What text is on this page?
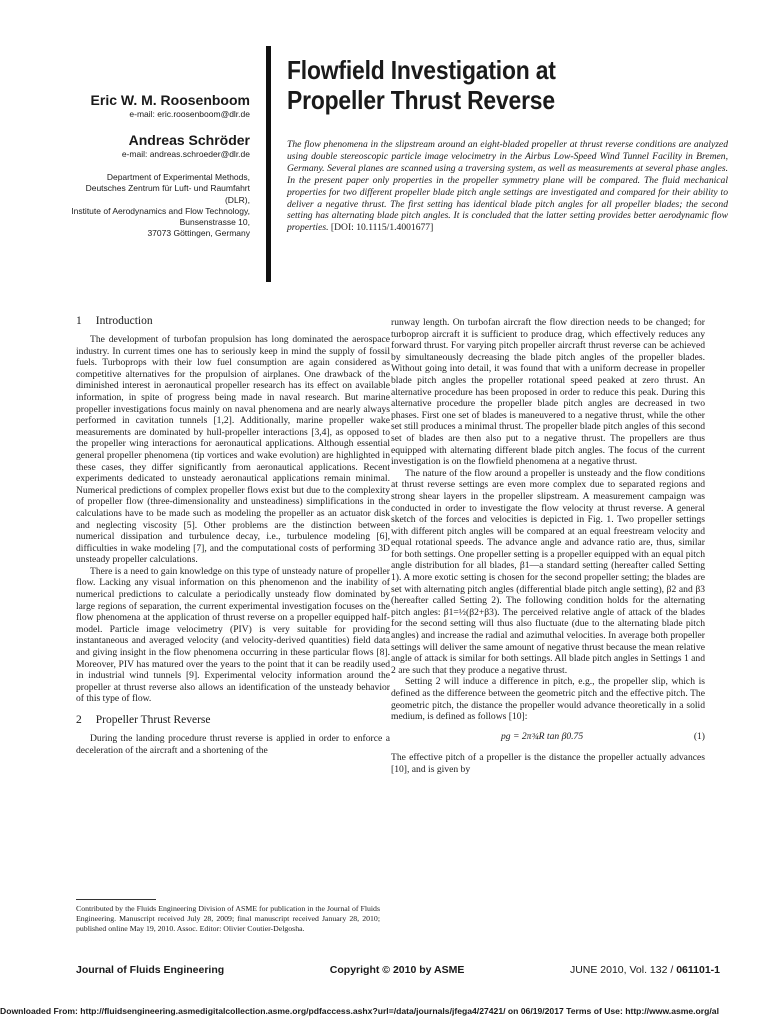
Eric W. M. Roosenboom
e-mail: eric.roosenboom@dlr.de
Andreas Schröder
e-mail: andreas.schroeder@dlr.de
Department of Experimental Methods,
Deutsches Zentrum für Luft- und Raumfahrt
(DLR),
Institute of Aerodynamics and Flow Technology,
Bunsenstrasse 10,
37073 Göttingen, Germany
Flowfield Investigation at
Propeller Thrust Reverse
The flow phenomena in the slipstream around an eight-bladed propeller at thrust reverse conditions are analyzed using double stereoscopic particle image velocimetry in the Airbus Low-Speed Wind Tunnel Facility in Bremen, Germany. Several planes are scanned using a traversing system, as well as measurements at several phase angles. In the present paper only properties in the propeller symmetry plane will be compared. The fluid mechanical properties for two different propeller blade pitch angle settings are investigated and compared for their ability to deliver a negative thrust. The first setting has identical blade pitch angles for all propeller blades; the second setting has alternating blade pitch angles. It is concluded that the latter setting provides better aerodynamic flow properties. [DOI: 10.1115/1.4001677]
1 Introduction

The development of turbofan propulsion has long dominated the aerospace industry. In current times one has to seriously keep in mind the supply of fossil fuels. Turboprops with their low fuel consumption are again considered as competitive alternatives for the propulsion of airplanes. One drawback of the diminished interest in aeronautical propeller research has its effect on available information, in spite of progress being made in naval research. But marine propeller investigations focus mainly on naval phenomena and are nearly always performed in cavitation tunnels [1,2]. Additionally, marine propeller wake measurements are dominated by hull-propeller interactions [3,4], as opposed to the propeller wing interactions for aeronautical applications. Although essential general propeller phenomena (tip vortices and wake evolution) are highlighted in these cases, they differ significantly from aeronautical applications. Recent experiments dedicated to unsteady aeronautical applications remain minimal. Numerical predictions of complex propeller flows exist but due to the complexity of propeller flow (three-dimensionality and unsteadiness) simplifications in the calculations have to be made such as modeling the propeller as an actuator disk and neglecting viscosity [5]. Other problems are the distinction between numerical dissipation and turbulence decay, i.e., turbulence modeling [6], difficulties in wake modeling [7], and the computational costs of performing 3D unsteady propeller calculations.

There is a need to gain knowledge on this type of unsteady nature of propeller flow. Lacking any visual information on this phenomenon and the inability of numerical predictions to calculate a periodically unsteady flow dominated by large regions of separation, the current experimental investigation focuses on the flow phenomena at the application of thrust reverse on a propeller equipped half-model. Particle image velocimetry (PIV) is very suitable for providing instantaneous and averaged velocity (and velocity-derived quantities) field data and giving insight in the flow phenomena occurring in these particular flows [8]. Moreover, PIV has matured over the years to the point that it can be readily used in industrial wind tunnels [9]. Experimental velocity information around the propeller at thrust reverse also allows an identification of the unsteady behavior of this type of flow.

2 Propeller Thrust Reverse

During the landing procedure thrust reverse is applied in order to enforce a deceleration of the aircraft and a shortening of the

runway length. On turbofan aircraft the flow direction needs to be changed; for turboprop aircraft it is sufficient to produce drag, which effectively reduces any forward thrust. For varying pitch propeller aircraft thrust reverse can be achieved by simultaneously decreasing the blade pitch angles of the propeller blades. Without going into detail, it was found that with a uniform decrease in propeller blade pitch angles the propeller rotational speed peaked at zero thrust. An alternative procedure has been proposed in order to reduce this peak. During this alternative procedure the propeller blade pitch angles are decreased in two phases. First one set of blades is maneuvered to a negative thrust, while the other set still produces a minimal thrust. The propeller blade pitch angles of this second set of blades are then also put to a negative thrust. The propellers are thus equipped with alternating different blade pitch angles. The focus of the current investigation is on the flowfield phenomena at a negative thrust.

The nature of the flow around a propeller is unsteady and the flow conditions at thrust reverse settings are even more complex due to separated regions and strong shear layers in the propeller slipstream. A measurement campaign was conducted in order to investigate the flow velocity at thrust reverse. A general sketch of the forces and velocities is depicted in Fig. 1. Two propeller settings with different pitch angles will be compared at an equal freestream velocity and equal rotational speeds. The advance angle and advance ratio are, thus, similar for both settings. One propeller setting is a propeller equipped with an equal pitch angle distribution for all blades, β1—a standard setting (hereafter called Setting 1). A more exotic setting is chosen for the second propeller setting; the blades are set with alternating pitch angles (differential blade pitch angle setting), β2 and β3 (hereafter called Setting 2). The following condition holds for the alternating pitch angles: β1=½(β2+β3). The perceived relative angle of attack of the blades for the second setting will thus also fluctuate (due to the alternating blade pitch angles) and increase the radial and azimuthal velocities. In average both propeller settings will deliver the same amount of negative thrust because the mean relative angle of attack is similar for both settings. All blade pitch angles in Settings 1 and 2 are such that they produce a negative thrust.

Setting 2 will induce a difference in pitch, e.g., the propeller slip, which is defined as the difference between the geometric pitch and the effective pitch. The geometric pitch, the distance the propeller would advance theoretically in a solid medium, is defined as follows [10]:

pg = 2π¾R tan β0.75	(1)

The effective pitch of a propeller is the distance the propeller actually advances [10], and is given by

Contributed by the Fluids Engineering Division of ASME for publication in the Journal of Fluids Engineering. Manuscript received July 28, 2009; final manuscript received January 28, 2010; published online May 19, 2010. Assoc. Editor: Olivier Coutier-Delgosha.
Journal of Fluids Engineering	Copyright © 2010 by ASME	JUNE 2010, Vol. 132 / 061101-1
Downloaded From: http://fluidsengineering.asmedigitalcollection.asme.org/pdfaccess.ashx?url=/data/journals/jfega4/27421/ on 06/19/2017 Terms of Use: http://www.asme.org/al
